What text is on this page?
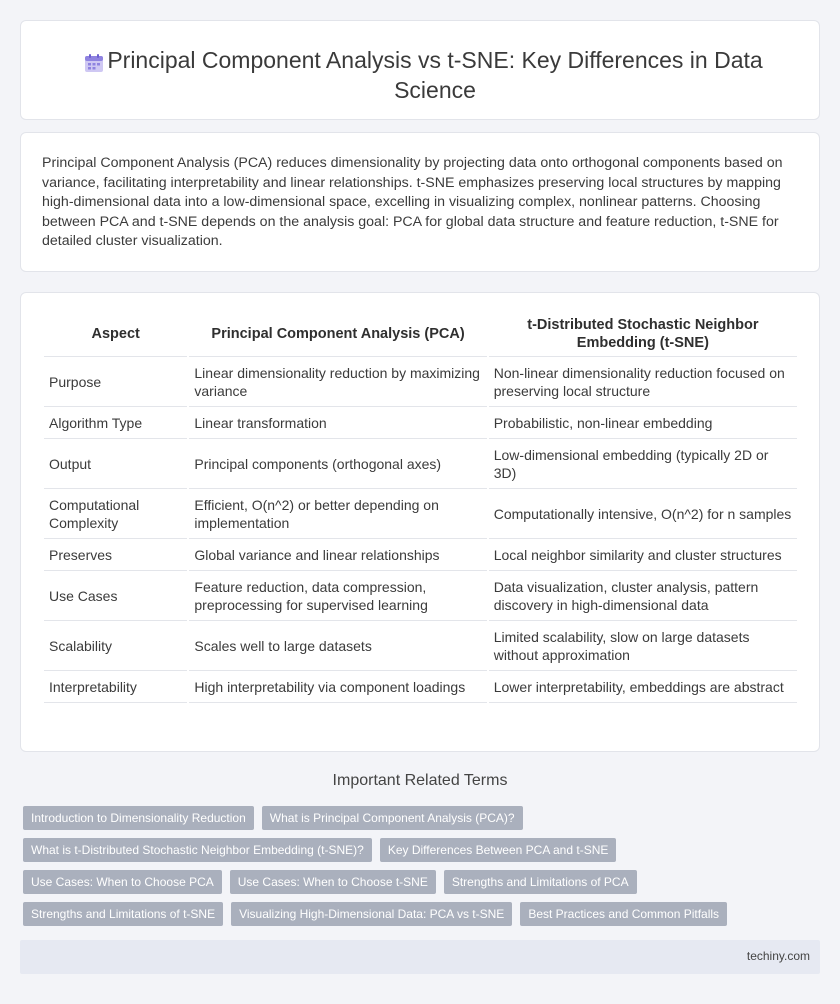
Principal Component Analysis vs t-SNE: Key Differences in Data Science

Principal Component Analysis (PCA) reduces dimensionality by projecting data onto orthogonal components based on variance, facilitating interpretability and linear relationships. t-SNE emphasizes preserving local structures by mapping high-dimensional data into a low-dimensional space, excelling in visualizing complex, nonlinear patterns. Choosing between PCA and t-SNE depends on the analysis goal: PCA for global data structure and feature reduction, t-SNE for detailed cluster visualization.

Aspect	Principal Component Analysis (PCA)	t-Distributed Stochastic Neighbor Embedding (t-SNE)
Purpose	Linear dimensionality reduction by maximizing variance	Non-linear dimensionality reduction focused on preserving local structure
Algorithm Type	Linear transformation	Probabilistic, non-linear embedding
Output	Principal components (orthogonal axes)	Low-dimensional embedding (typically 2D or 3D)
Computational Complexity	Efficient, O(n^2) or better depending on implementation	Computationally intensive, O(n^2) for n samples
Preserves	Global variance and linear relationships	Local neighbor similarity and cluster structures
Use Cases	Feature reduction, data compression, preprocessing for supervised learning	Data visualization, cluster analysis, pattern discovery in high-dimensional data
Scalability	Scales well to large datasets	Limited scalability, slow on large datasets without approximation
Interpretability	High interpretability via component loadings	Lower interpretability, embeddings are abstract
Important Related Terms
Introduction to Dimensionality Reduction	What is Principal Component Analysis (PCA)?
What is t-Distributed Stochastic Neighbor Embedding (t-SNE)?	Key Differences Between PCA and t-SNE
Use Cases: When to Choose PCA	Use Cases: When to Choose t-SNE	Strengths and Limitations of PCA
Strengths and Limitations of t-SNE	Visualizing High-Dimensional Data: PCA vs t-SNE	Best Practices and Common Pitfalls
techiny.com
